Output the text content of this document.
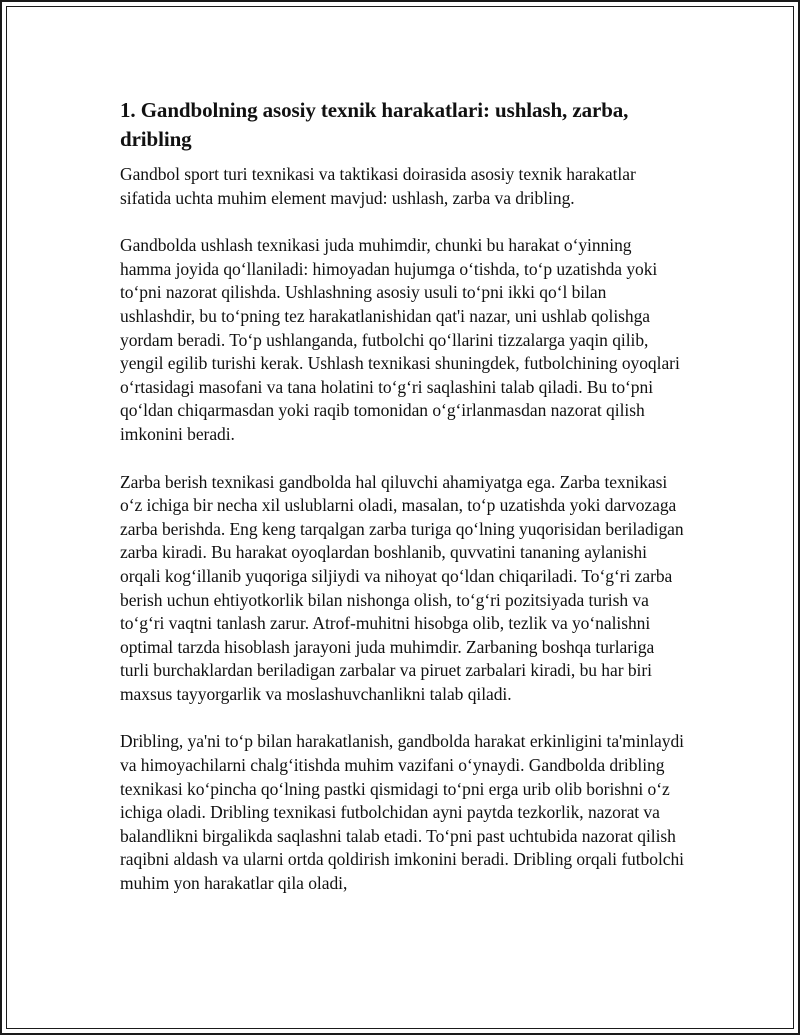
1. Gandbolning asosiy texnik harakatlari: ushlash, zarba, dribling

Gandbol sport turi texnikasi va taktikasi doirasida asosiy texnik harakatlar sifatida uchta muhim element mavjud: ushlash, zarba va dribling.

Gandbolda ushlash texnikasi juda muhimdir, chunki bu harakat o‘yinning hamma joyida qo‘llaniladi: himoyadan hujumga o‘tishda, to‘p uzatishda yoki to‘pni nazorat qilishda. Ushlashning asosiy usuli to‘pni ikki qo‘l bilan ushlashdir, bu to‘pning tez harakatlanishidan qat'i nazar, uni ushlab qolishga yordam beradi. To‘p ushlanganda, futbolchi qo‘llarini tizzalarga yaqin qilib, yengil egilib turishi kerak. Ushlash texnikasi shuningdek, futbolchining oyoqlari o‘rtasidagi masofani va tana holatini to‘g‘ri saqlashini talab qiladi. Bu to‘pni qo‘ldan chiqarmasdan yoki raqib tomonidan o‘g‘irlanmasdan nazorat qilish imkonini beradi.

Zarba berish texnikasi gandbolda hal qiluvchi ahamiyatga ega. Zarba texnikasi o‘z ichiga bir necha xil uslublarni oladi, masalan, to‘p uzatishda yoki darvozaga zarba berishda. Eng keng tarqalgan zarba turiga qo‘lning yuqorisidan beriladigan zarba kiradi. Bu harakat oyoqlardan boshlanib, quvvatini tananing aylanishi orqali kog‘illanib yuqoriga siljiydi va nihoyat qo‘ldan chiqariladi. To‘g‘ri zarba berish uchun ehtiyotkorlik bilan nishonga olish, to‘g‘ri pozitsiyada turish va to‘g‘ri vaqtni tanlash zarur. Atrof-muhitni hisobga olib, tezlik va yo‘nalishni optimal tarzda hisoblash jarayoni juda muhimdir. Zarbaning boshqa turlariga turli burchaklardan beriladigan zarbalar va piruet zarbalari kiradi, bu har biri maxsus tayyorgarlik va moslashuvchanlikni talab qiladi.

Dribling, ya'ni to‘p bilan harakatlanish, gandbolda harakat erkinligini ta'minlaydi va himoyachilarni chalg‘itishda muhim vazifani o‘ynaydi. Gandbolda dribling texnikasi ko‘pincha qo‘lning pastki qismidagi to‘pni erga urib olib borishni o‘z ichiga oladi. Dribling texnikasi futbolchidan ayni paytda tezkorlik, nazorat va balandlikni birgalikda saqlashni talab etadi. To‘pni past uchtubida nazorat qilish raqibni aldash va ularni ortda qoldirish imkonini beradi. Dribling orqali futbolchi muhim yon harakatlar qila oladi,
